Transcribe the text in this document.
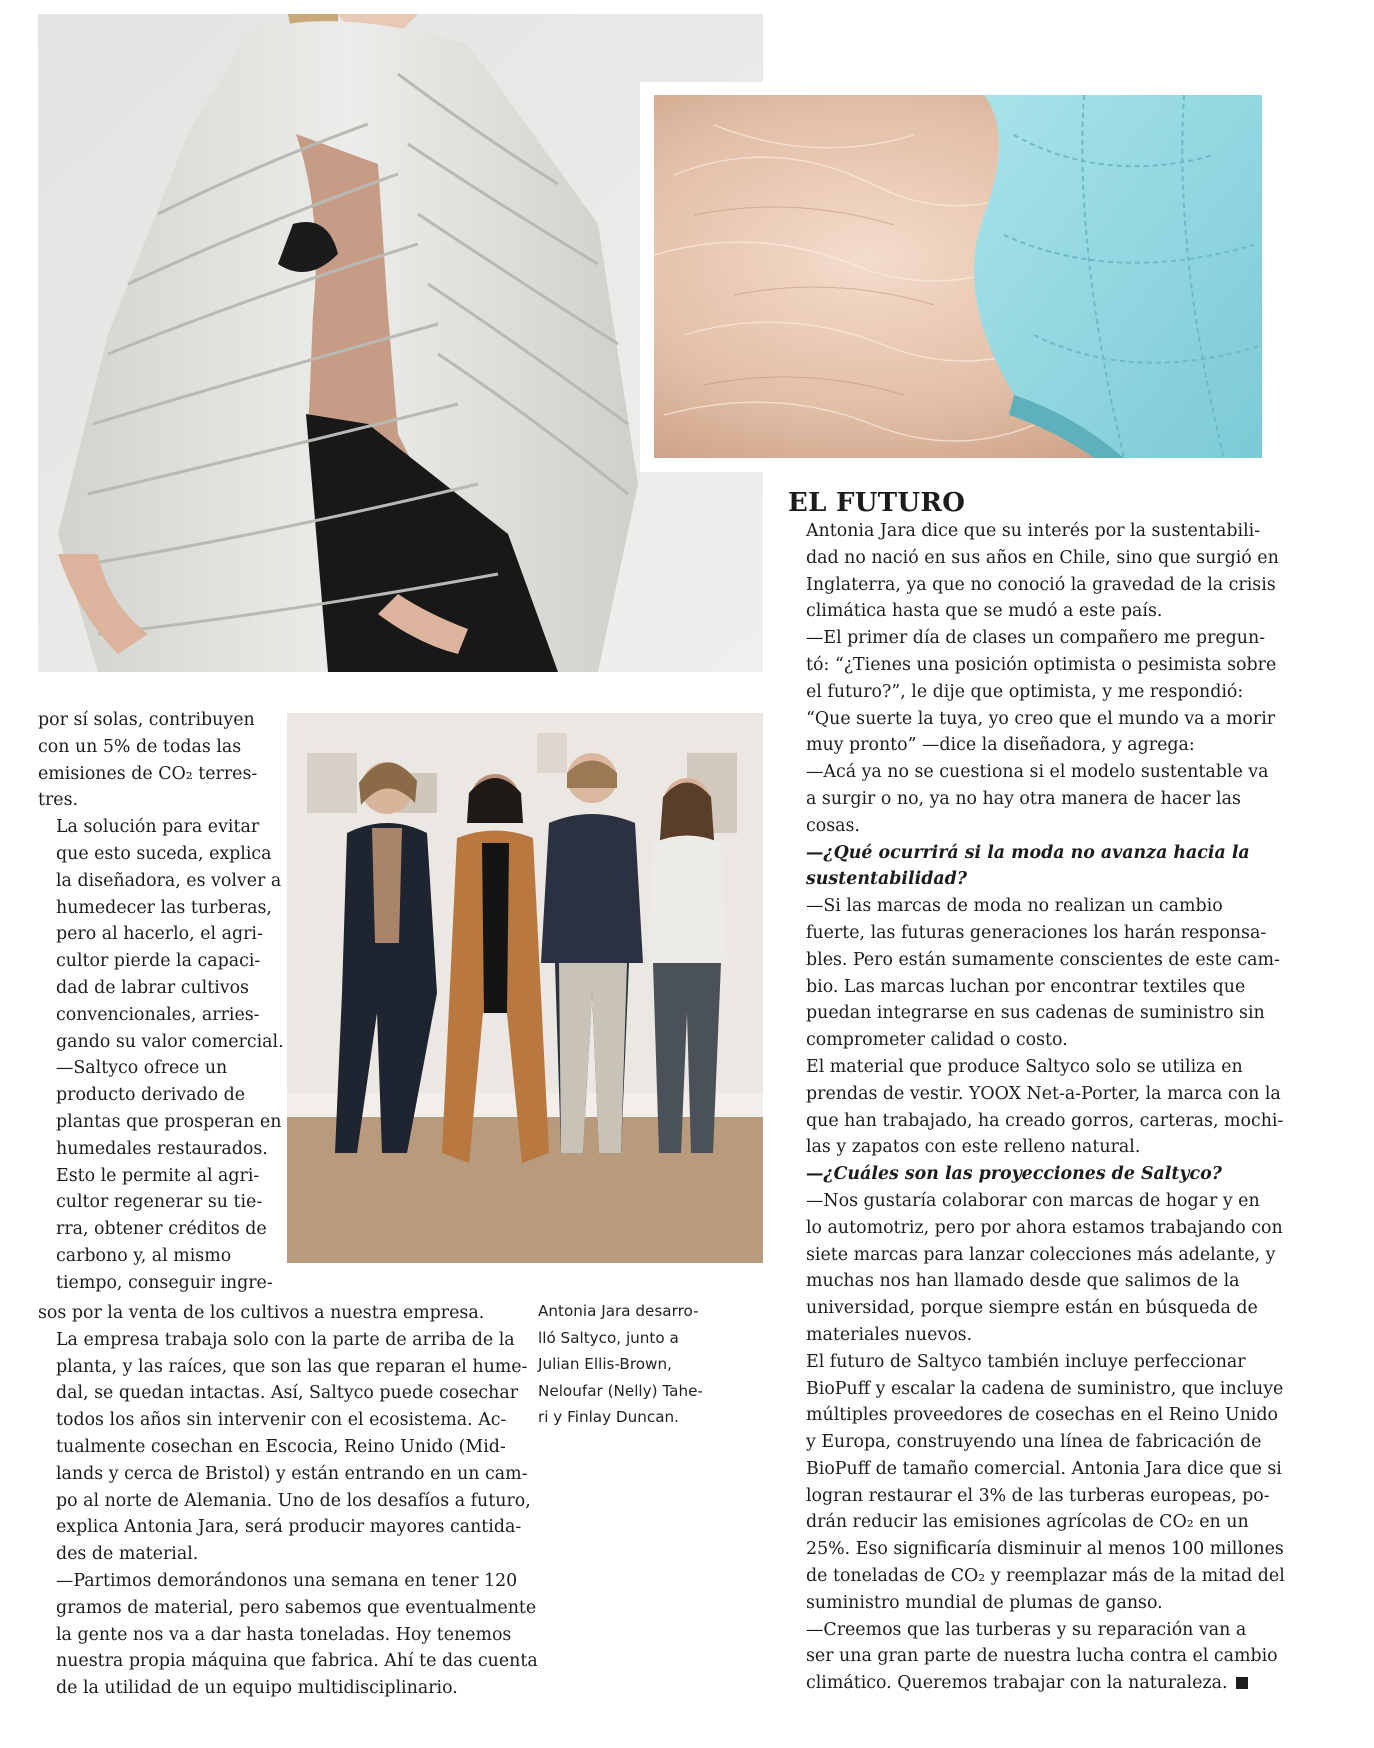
por sí solas, contribuyen
con un 5% de todas las
emisiones de CO₂ terres-
tres.

La solución para evitar
que esto suceda, explica
la diseñadora, es volver a
humedecer las turberas,
pero al hacerlo, el agri-
cultor pierde la capaci-
dad de labrar cultivos
convencionales, arries-
gando su valor comercial.

—Saltyco ofrece un
producto derivado de
plantas que prosperan en
humedales restaurados.
Esto le permite al agri-
cultor regenerar su tie-
rra, obtener créditos de
carbono y, al mismo
tiempo, conseguir ingre-

sos por la venta de los cultivos a nuestra empresa.

La empresa trabaja solo con la parte de arriba de la
planta, y las raíces, que son las que reparan el hume-
dal, se quedan intactas. Así, Saltyco puede cosechar
todos los años sin intervenir con el ecosistema. Ac-
tualmente cosechan en Escocia, Reino Unido (Mid-
lands y cerca de Bristol) y están entrando en un cam-
po al norte de Alemania. Uno de los desafíos a futuro,
explica Antonia Jara, será producir mayores cantida-
des de material.

—Partimos demorándonos una semana en tener 120
gramos de material, pero sabemos que eventualmente
la gente nos va a dar hasta toneladas. Hoy tenemos
nuestra propia máquina que fabrica. Ahí te das cuenta
de la utilidad de un equipo multidisciplinario.

Antonia Jara desarro-
lló Saltyco, junto a
Julian Ellis-Brown,
Neloufar (Nelly) Tahe-
ri y Finlay Duncan.
EL FUTURO

Antonia Jara dice que su interés por la sustentabili-
dad no nació en sus años en Chile, sino que surgió en
Inglaterra, ya que no conoció la gravedad de la crisis
climática hasta que se mudó a este país.

—El primer día de clases un compañero me pregun-
tó: “¿Tienes una posición optimista o pesimista sobre
el futuro?”, le dije que optimista, y me respondió:
“Que suerte la tuya, yo creo que el mundo va a morir
muy pronto” —dice la diseñadora, y agrega:

—Acá ya no se cuestiona si el modelo sustentable va
a surgir o no, ya no hay otra manera de hacer las
cosas.

—¿Qué ocurrirá si la moda no avanza hacia la
sustentabilidad?

—Si las marcas de moda no realizan un cambio
fuerte, las futuras generaciones los harán responsa-
bles. Pero están sumamente conscientes de este cam-
bio. Las marcas luchan por encontrar textiles que
puedan integrarse en sus cadenas de suministro sin
comprometer calidad o costo.

El material que produce Saltyco solo se utiliza en
prendas de vestir. YOOX Net-a-Porter, la marca con la
que han trabajado, ha creado gorros, carteras, mochi-
las y zapatos con este relleno natural.

—¿Cuáles son las proyecciones de Saltyco?

—Nos gustaría colaborar con marcas de hogar y en
lo automotriz, pero por ahora estamos trabajando con
siete marcas para lanzar colecciones más adelante, y
muchas nos han llamado desde que salimos de la
universidad, porque siempre están en búsqueda de
materiales nuevos.

El futuro de Saltyco también incluye perfeccionar
BioPuff y escalar la cadena de suministro, que incluye
múltiples proveedores de cosechas en el Reino Unido
y Europa, construyendo una línea de fabricación de
BioPuff de tamaño comercial. Antonia Jara dice que si
logran restaurar el 3% de las turberas europeas, po-
drán reducir las emisiones agrícolas de CO₂ en un
25%. Eso significaría disminuir al menos 100 millones
de toneladas de CO₂ y reemplazar más de la mitad del
suministro mundial de plumas de ganso.

—Creemos que las turberas y su reparación van a
ser una gran parte de nuestra lucha contra el cambio
climático. Queremos trabajar con la naturaleza.
